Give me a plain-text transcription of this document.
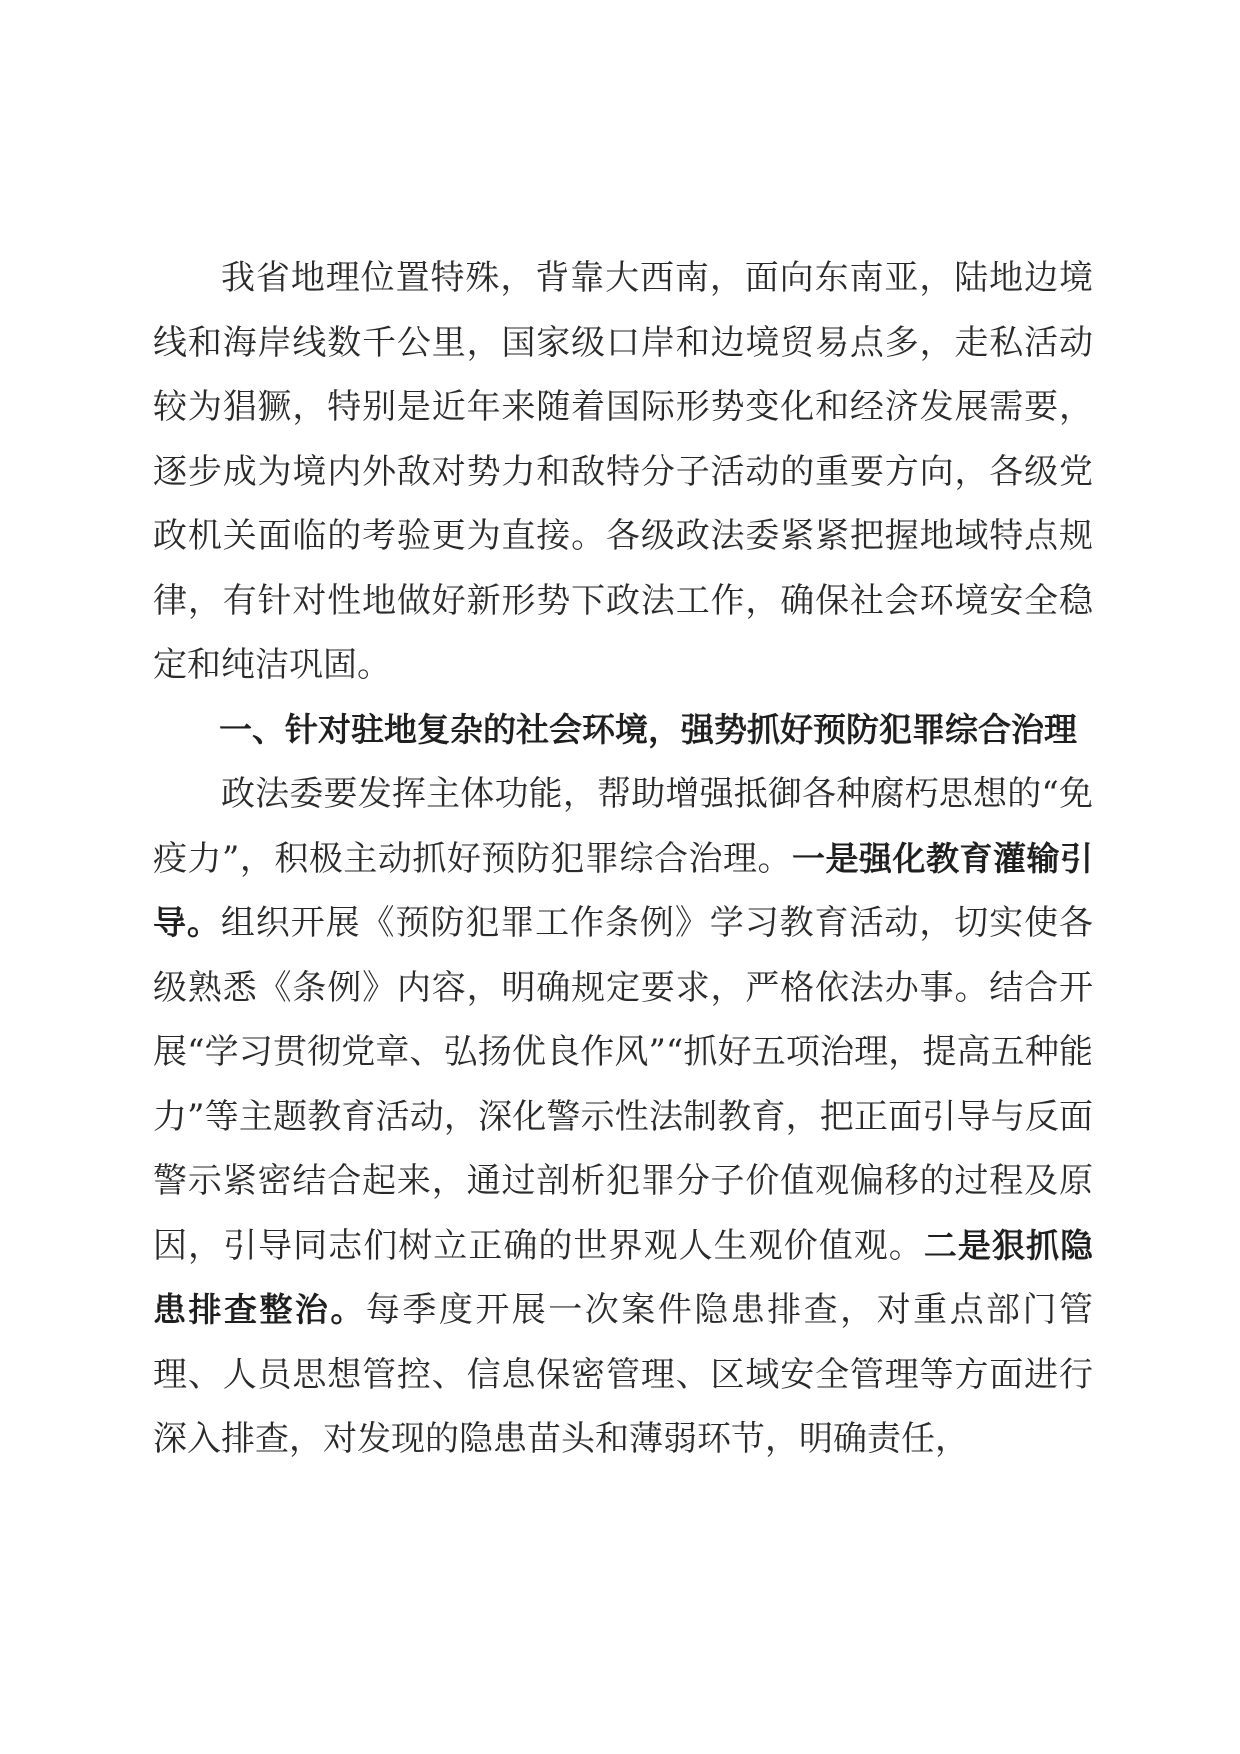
我省地理位置特殊，背靠大西南，面向东南亚，陆地边境线和海岸线数千公里，国家级口岸和边境贸易点多，走私活动较为猖獗，特别是近年来随着国际形势变化和经济发展需要，逐步成为境内外敌对势力和敌特分子活动的重要方向，各级党政机关面临的考验更为直接。各级政法委紧紧把握地域特点规律，有针对性地做好新形势下政法工作，确保社会环境安全稳定和纯洁巩固。

一、针对驻地复杂的社会环境，强势抓好预防犯罪综合治理

政法委要发挥主体功能，帮助增强抵御各种腐朽思想的“免疫力”，积极主动抓好预防犯罪综合治理。一是强化教育灌输引导。组织开展《预防犯罪工作条例》学习教育活动，切实使各级熟悉《条例》内容，明确规定要求，严格依法办事。结合开展“学习贯彻党章、弘扬优良作风”“抓好五项治理，提高五种能力”等主题教育活动，深化警示性法制教育，把正面引导与反面警示紧密结合起来，通过剖析犯罪分子价值观偏移的过程及原因，引导同志们树立正确的世界观人生观价值观。二是狠抓隐患排查整治。每季度开展一次案件隐患排查，对重点部门管理、人员思想管控、信息保密管理、区域安全管理等方面进行深入排查，对发现的隐患苗头和薄弱环节，明确责任，
